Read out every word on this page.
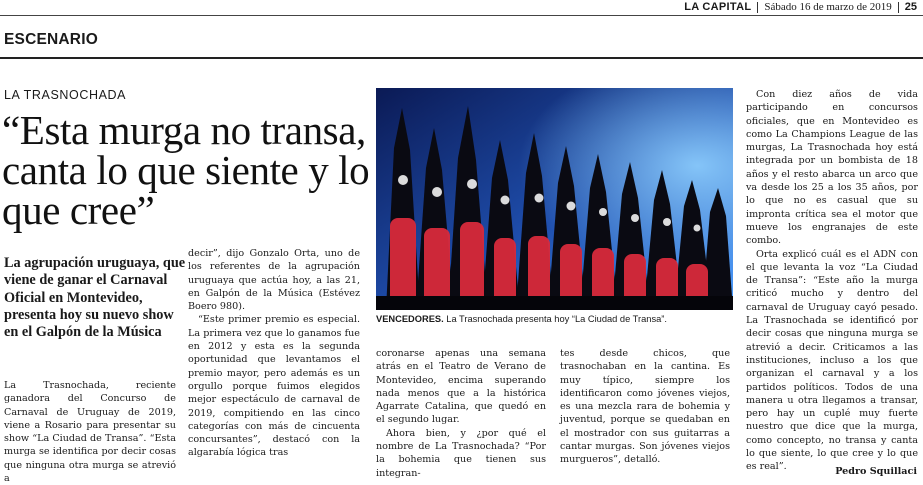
LA CAPITAL Sábado 16 de marzo de 2019 25
ESCENARIO
LA TRASNOCHADA
“Esta murga no transa, canta lo que siente y lo que cree”
La agrupación uruguaya, que viene de ganar el Carnaval Oficial en Montevideo, presenta hoy su nuevo show en el Galpón de la Música

La Trasnochada, reciente ganadora del Concurso de Carnaval de Uruguay de 2019, viene a Rosario para presentar su show “La Ciudad de Transa”. “Esta murga se identifica por decir cosas que ninguna otra murga se atrevió a

decir”, dijo Gonzalo Orta, uno de los referentes de la agrupación uruguaya que actúa hoy, a las 21, en Galpón de la Música (Estévez Boero 980).

“Este primer premio es especial. La primera vez que lo ganamos fue en 2012 y esta es la segunda oportunidad que levantamos el premio mayor, pero además es un orgullo porque fuimos elegidos mejor espectáculo de carnaval de 2019, compitiendo en las cinco categorías con más de cincuenta concursantes”, destacó con la algarabía lógica tras

VENCEDORES. La Trasnochada presenta hoy “La Ciudad de Transa”.

coronarse apenas una semana atrás en el Teatro de Verano de Montevideo, encima superando nada menos que a la histórica Agarrate Catalina, que quedó en el segundo lugar.

Ahora bien, y ¿por qué el nombre de La Trasnochada? “Por la bohemia que tienen sus integran-

tes desde chicos, que trasnochaban en la cantina. Es muy típico, siempre los identificaron como jóvenes viejos, es una mezcla rara de bohemia y juventud, porque se quedaban en el mostrador con sus guitarras a cantar murgas. Son jóvenes viejos murgueros”, detalló.

Con diez años de vida participando en concursos oficiales, que en Montevideo es como La Champions League de las murgas, La Trasnochada hoy está integrada por un bombista de 18 años y el resto abarca un arco que va desde los 25 a los 35 años, por lo que no es casual que su impronta crítica sea el motor que mueve los engranajes de este combo.

Orta explicó cuál es el ADN con el que levanta la voz “La Ciudad de Transa”: “Este año la murga criticó mucho y dentro del carnaval de Uruguay cayó pesado. La Trasnochada se identificó por decir cosas que ninguna murga se atrevió a decir. Criticamos a las instituciones, incluso a los que organizan el carnaval y a los partidos políticos. Todos de una manera u otra llegamos a transar, pero hay un cuplé muy fuerte nuestro que dice que la murga, como concepto, no transa y canta lo que siente, lo que cree y lo que es real”.	Pedro Squillaci
